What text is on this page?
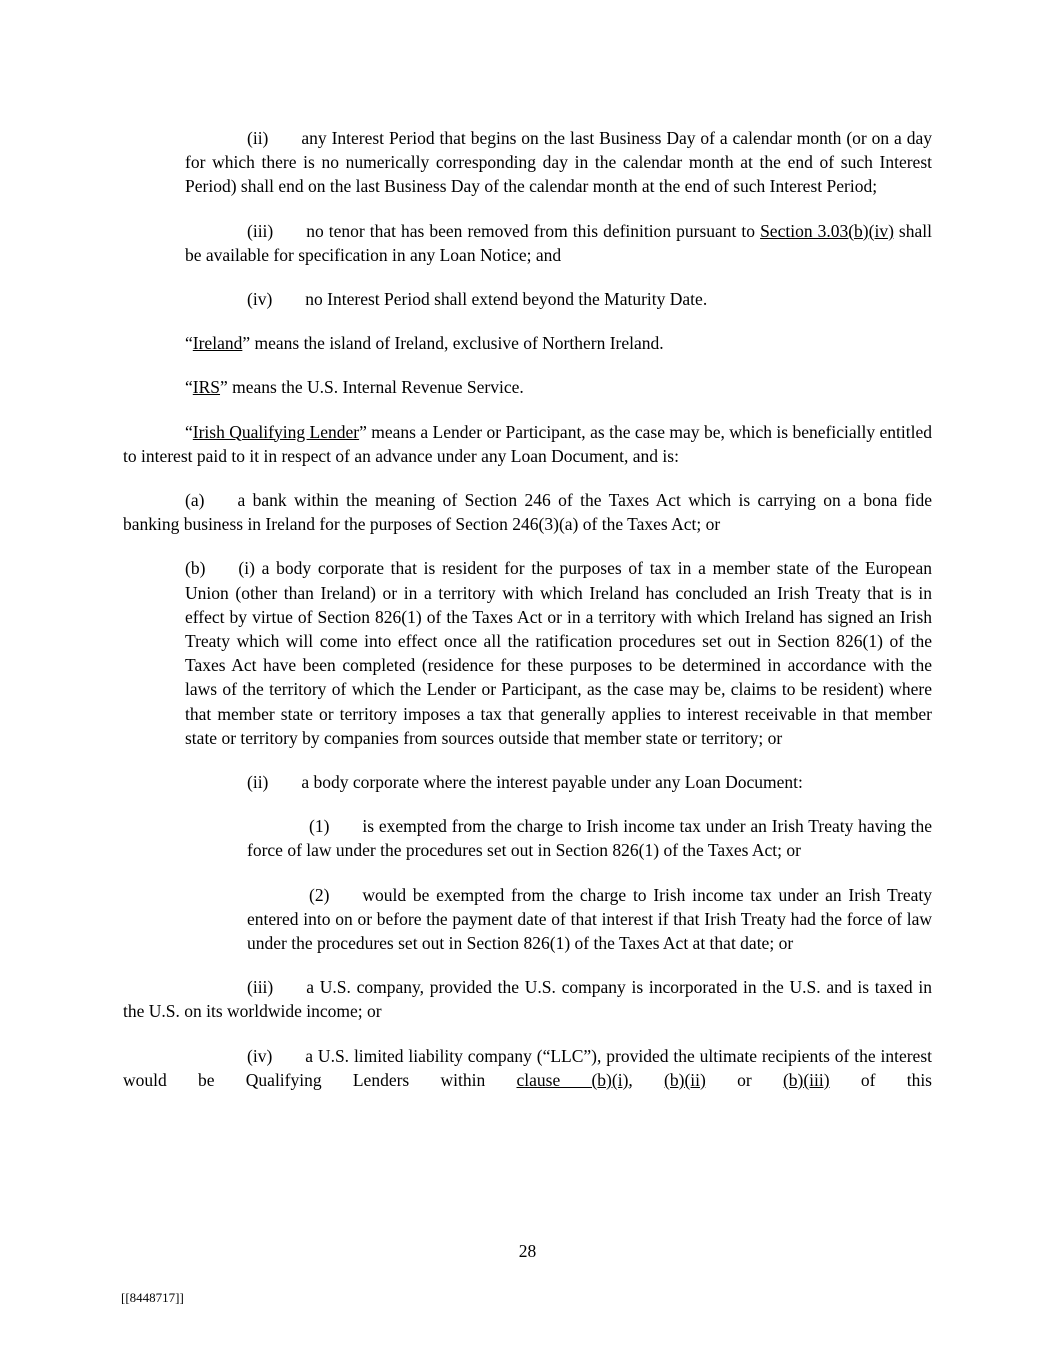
(ii) any Interest Period that begins on the last Business Day of a calendar month (or on a day for which there is no numerically corresponding day in the calendar month at the end of such Interest Period) shall end on the last Business Day of the calendar month at the end of such Interest Period;

(iii) no tenor that has been removed from this definition pursuant to Section 3.03(b)(iv) shall be available for specification in any Loan Notice; and

(iv) no Interest Period shall extend beyond the Maturity Date.

“Ireland” means the island of Ireland, exclusive of Northern Ireland.

“IRS” means the U.S. Internal Revenue Service.

“Irish Qualifying Lender” means a Lender or Participant, as the case may be, which is beneficially entitled to interest paid to it in respect of an advance under any Loan Document, and is:

(a) a bank within the meaning of Section 246 of the Taxes Act which is carrying on a bona fide banking business in Ireland for the purposes of Section 246(3)(a) of the Taxes Act; or

(b) (i) a body corporate that is resident for the purposes of tax in a member state of the European Union (other than Ireland) or in a territory with which Ireland has concluded an Irish Treaty that is in effect by virtue of Section 826(1) of the Taxes Act or in a territory with which Ireland has signed an Irish Treaty which will come into effect once all the ratification procedures set out in Section 826(1) of the Taxes Act have been completed (residence for these purposes to be determined in accordance with the laws of the territory of which the Lender or Participant, as the case may be, claims to be resident) where that member state or territory imposes a tax that generally applies to interest receivable in that member state or territory by companies from sources outside that member state or territory; or

(ii) a body corporate where the interest payable under any Loan Document:

(1) is exempted from the charge to Irish income tax under an Irish Treaty having the force of law under the procedures set out in Section 826(1) of the Taxes Act; or

(2) would be exempted from the charge to Irish income tax under an Irish Treaty entered into on or before the payment date of that interest if that Irish Treaty had the force of law under the procedures set out in Section 826(1) of the Taxes Act at that date; or

(iii) a U.S. company, provided the U.S. company is incorporated in the U.S. and is taxed in the U.S. on its worldwide income; or

(iv) a U.S. limited liability company (“LLC”), provided the ultimate recipients of the interest would be Qualifying Lenders within clause (b)(i), (b)(ii) or (b)(iii) of this

28
[[8448717]]
